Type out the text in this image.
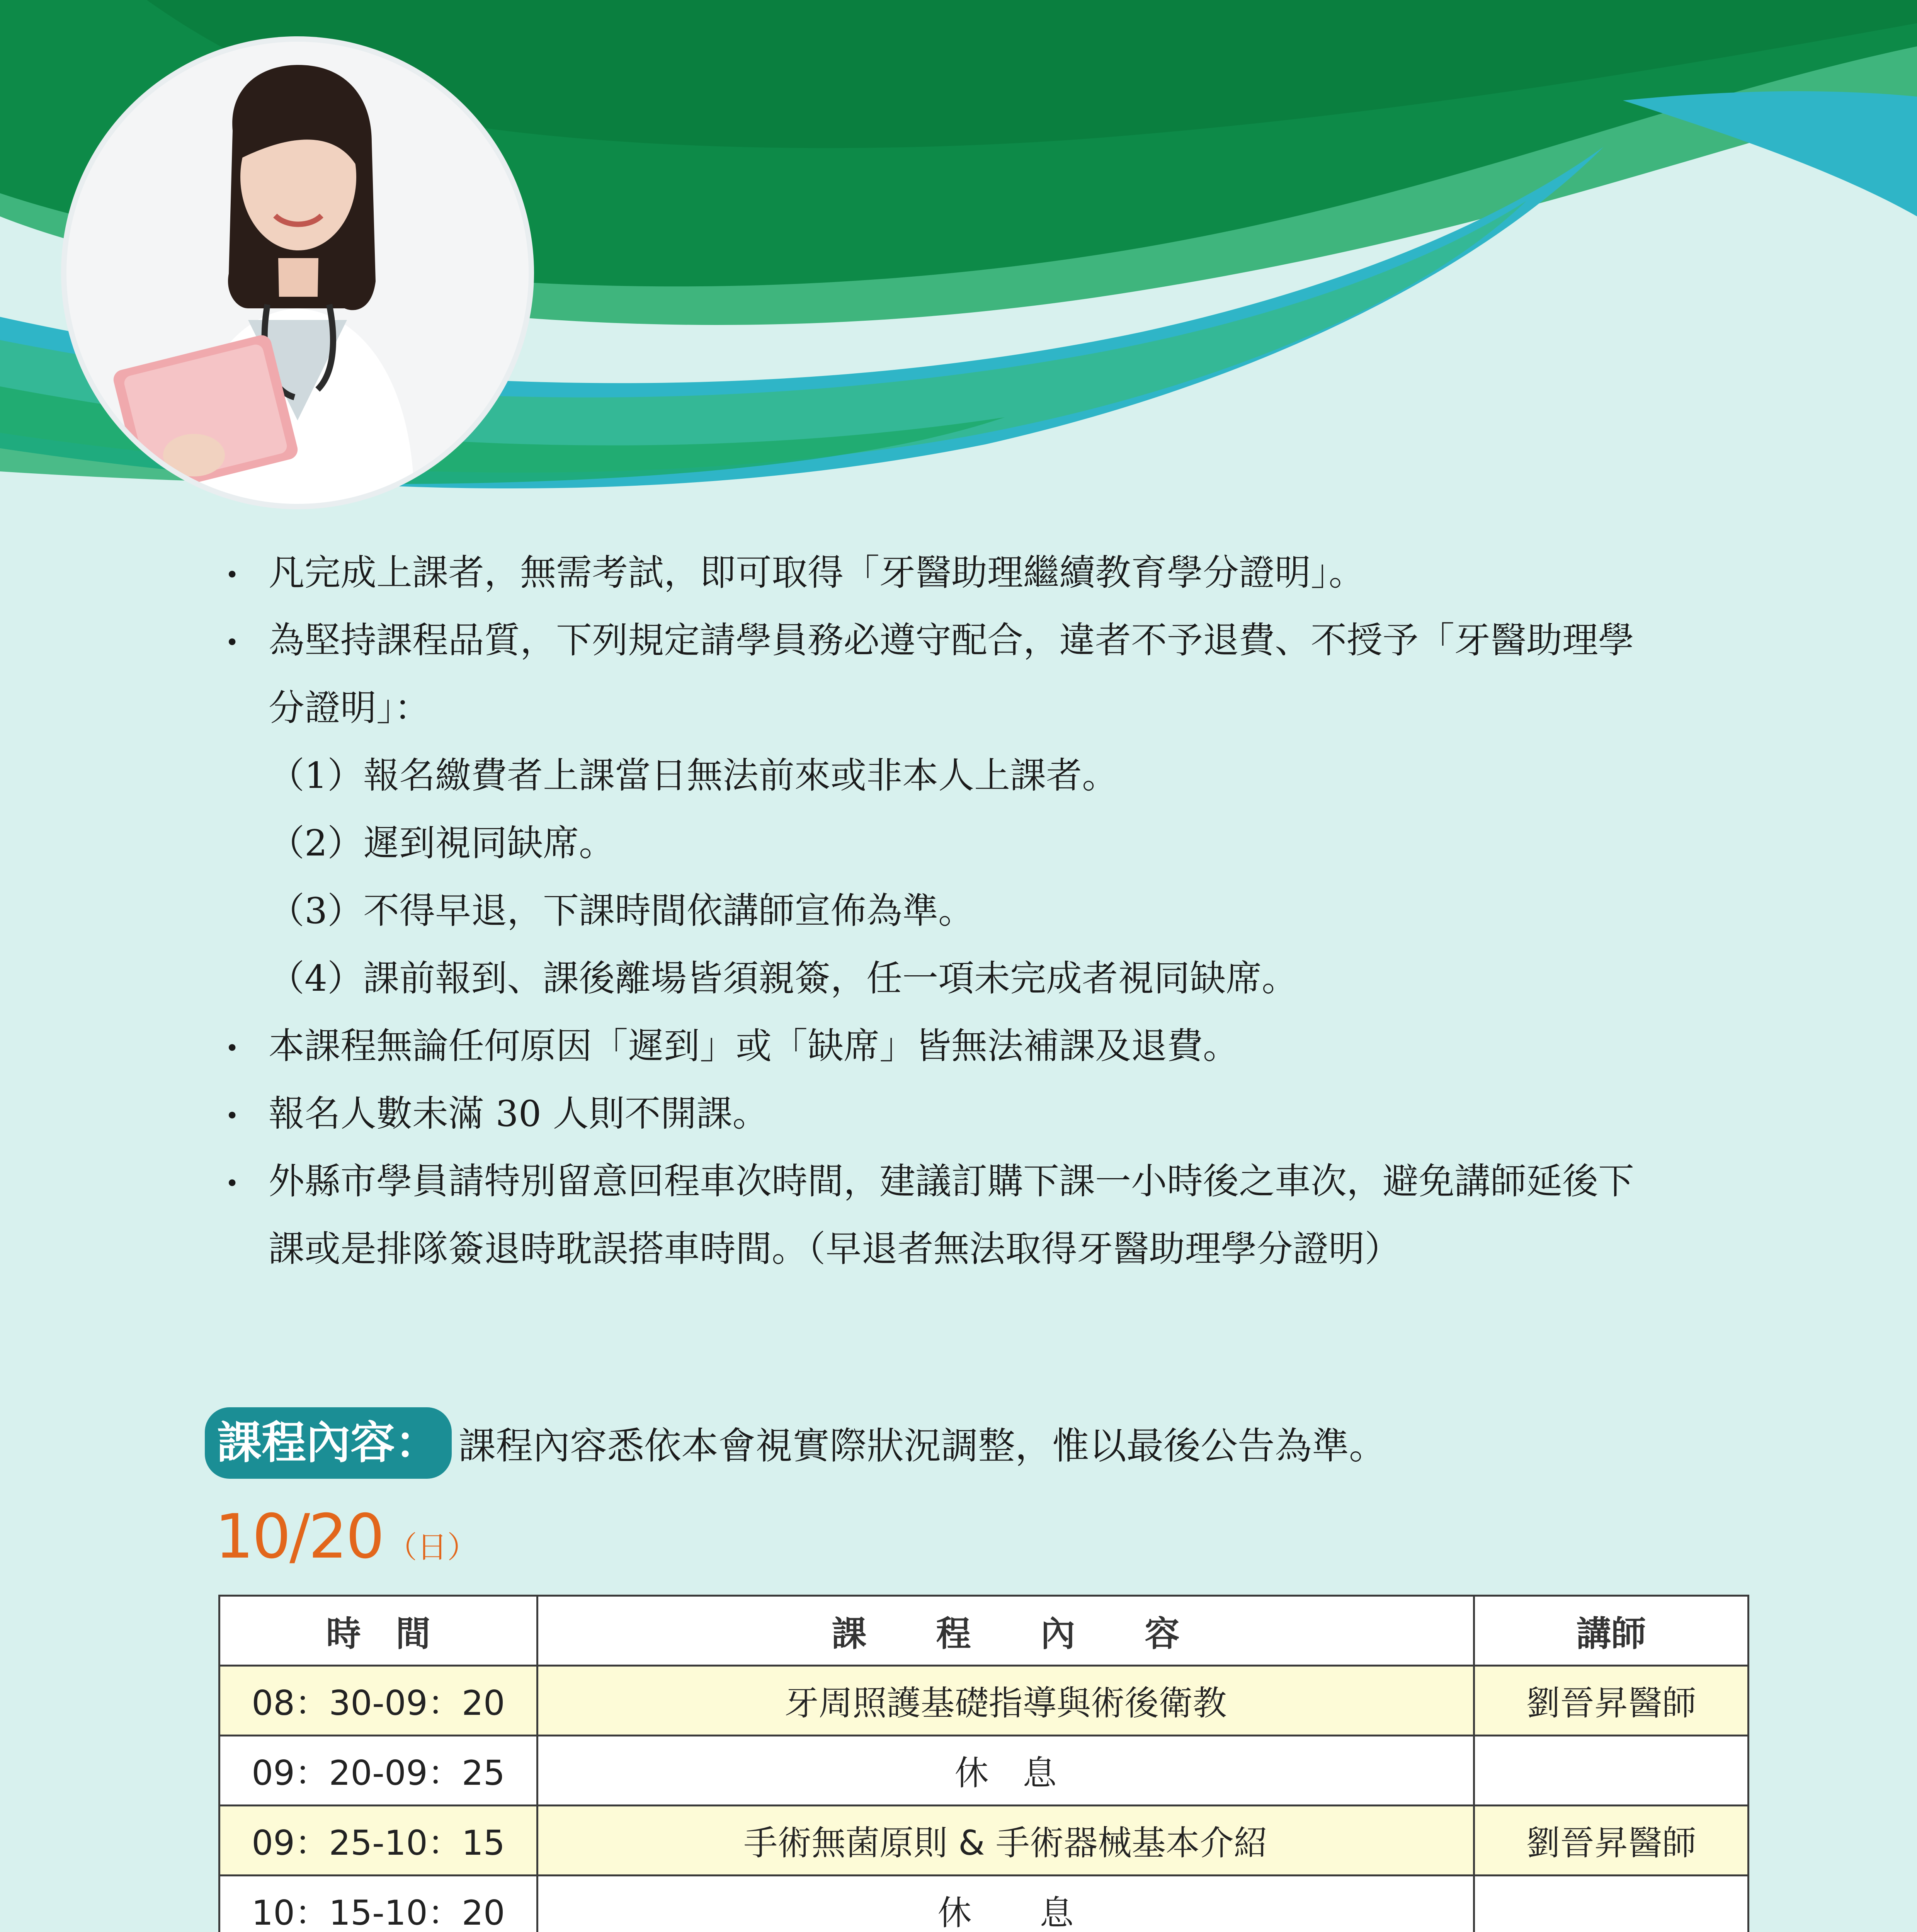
•
凡完成上課者，無需考試，即可取得「牙醫助理繼續教育學分證明」。
•
為堅持課程品質，下列規定請學員務必遵守配合，違者不予退費、不授予「牙醫助理學
分證明」：
（1）報名繳費者上課當日無法前來或非本人上課者。
（2）遲到視同缺席。
（3）不得早退，下課時間依講師宣佈為準。
（4）課前報到、課後離場皆須親簽，任一項未完成者視同缺席。
•
本課程無論任何原因「遲到」或「缺席」皆無法補課及退費。
•
報名人數未滿 30 人則不開課。
•
外縣市學員請特別留意回程車次時間，建議訂購下課一小時後之車次，避免講師延後下
課或是排隊簽退時耽誤搭車時間。（早退者無法取得牙醫助理學分證明）
課程內容： 課程內容悉依本會視實際狀況調整，惟以最後公告為準。
10/20 （日）
時　間	課　　程　　內　　容	講師
08：30-09：20	牙周照護基礎指導與術後衛教	劉晉昇醫師
09：20-09：25	休　息	
09：25-10：15	手術無菌原則 & 手術器械基本介紹	劉晉昇醫師
10：15-10：20	休　　息	
